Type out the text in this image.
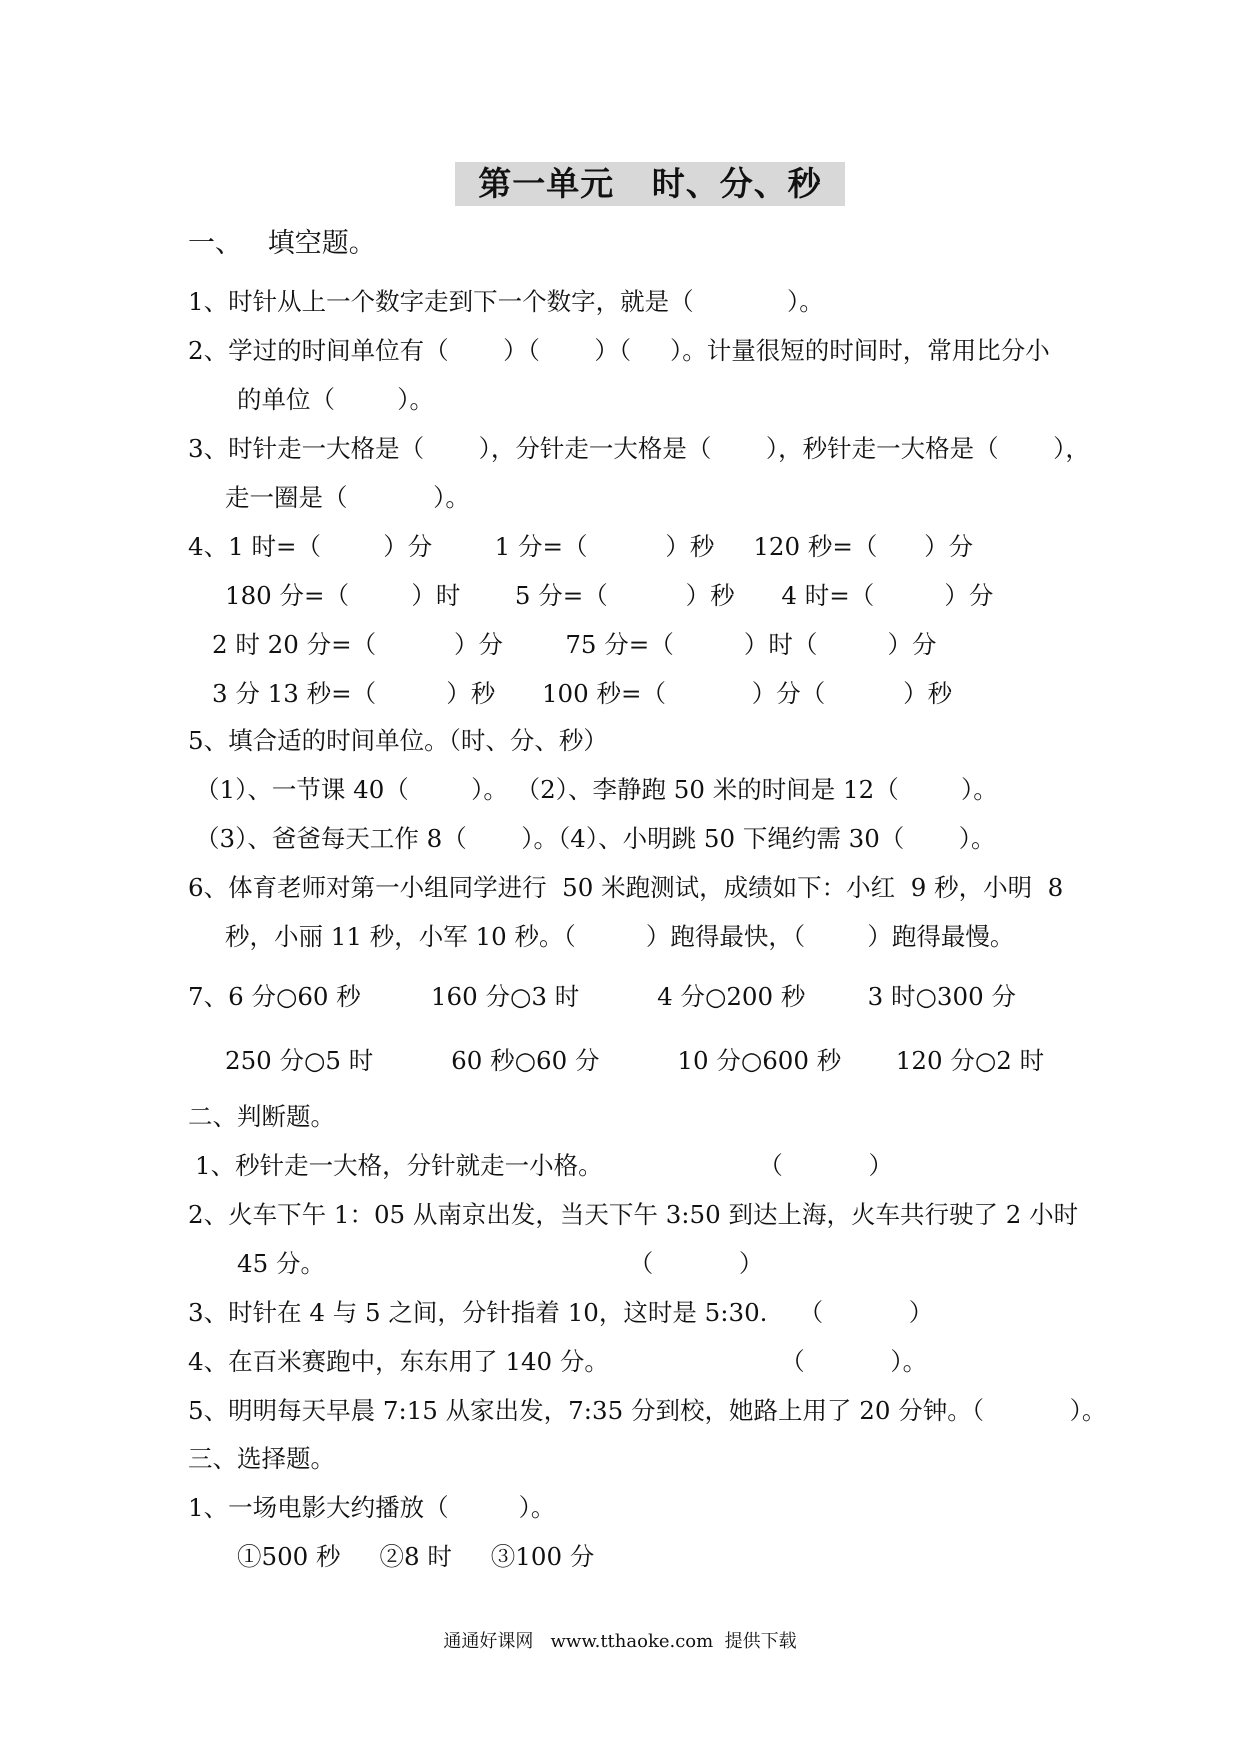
第一单元   时、分、秒
一、   填空题。
1、时针从上一个数字走到下一个数字，就是（            ）。
2、学过的时间单位有（       ）（       ）（     ）。计量很短的时间时，常用比分小
的单位（        ）。
3、时针走一大格是（       ），分针走一大格是（       ），秒针走一大格是（       ），
走一圈是（           ）。
4、1 时=（        ）分        1 分=（          ）秒     120 秒=（      ）分
180 分=（        ）时       5 分=（          ）秒      4 时=（         ）分
2 时 20 分=（          ）分        75 分=（         ）时（         ）分
3 分 13 秒=（         ）秒      100 秒=（           ）分（          ）秒
5、填合适的时间单位。（时、分、秒）
（1）、一节课 40（        ）。 （2）、李静跑 50 米的时间是 12（        ）。
（3）、爸爸每天工作 8（       ）。（4）、小明跳 50 下绳约需 30（       ）。
6、体育老师对第一小组同学进行  50 米跑测试，成绩如下：小红  9 秒，小明  8
秒，小丽 11 秒，小军 10 秒。（         ）跑得最快，（        ）跑得最慢。
7、6 分○60 秒         160 分○3 时          4 分○200 秒        3 时○300 分
250 分○5 时          60 秒○60 分          10 分○600 秒       120 分○2 时
二、判断题。
1、秒针走一大格，分针就走一小格。                    （           ）
2、火车下午 1：05 从南京出发，当天下午 3:50 到达上海，火车共行驶了 2 小时
45 分。                                       （           ）
3、时针在 4 与 5 之间，分针指着 10，这时是 5:30.    （           ）
4、在百米赛跑中，东东用了 140 分。                      （           ）。
5、明明每天早晨 7:15 从家出发，7:35 分到校，她路上用了 20 分钟。（           ）。
三、选择题。
1、一场电影大约播放（         ）。
①500 秒     ②8 时     ③100 分
通通好课网   www.tthaoke.com  提供下载
